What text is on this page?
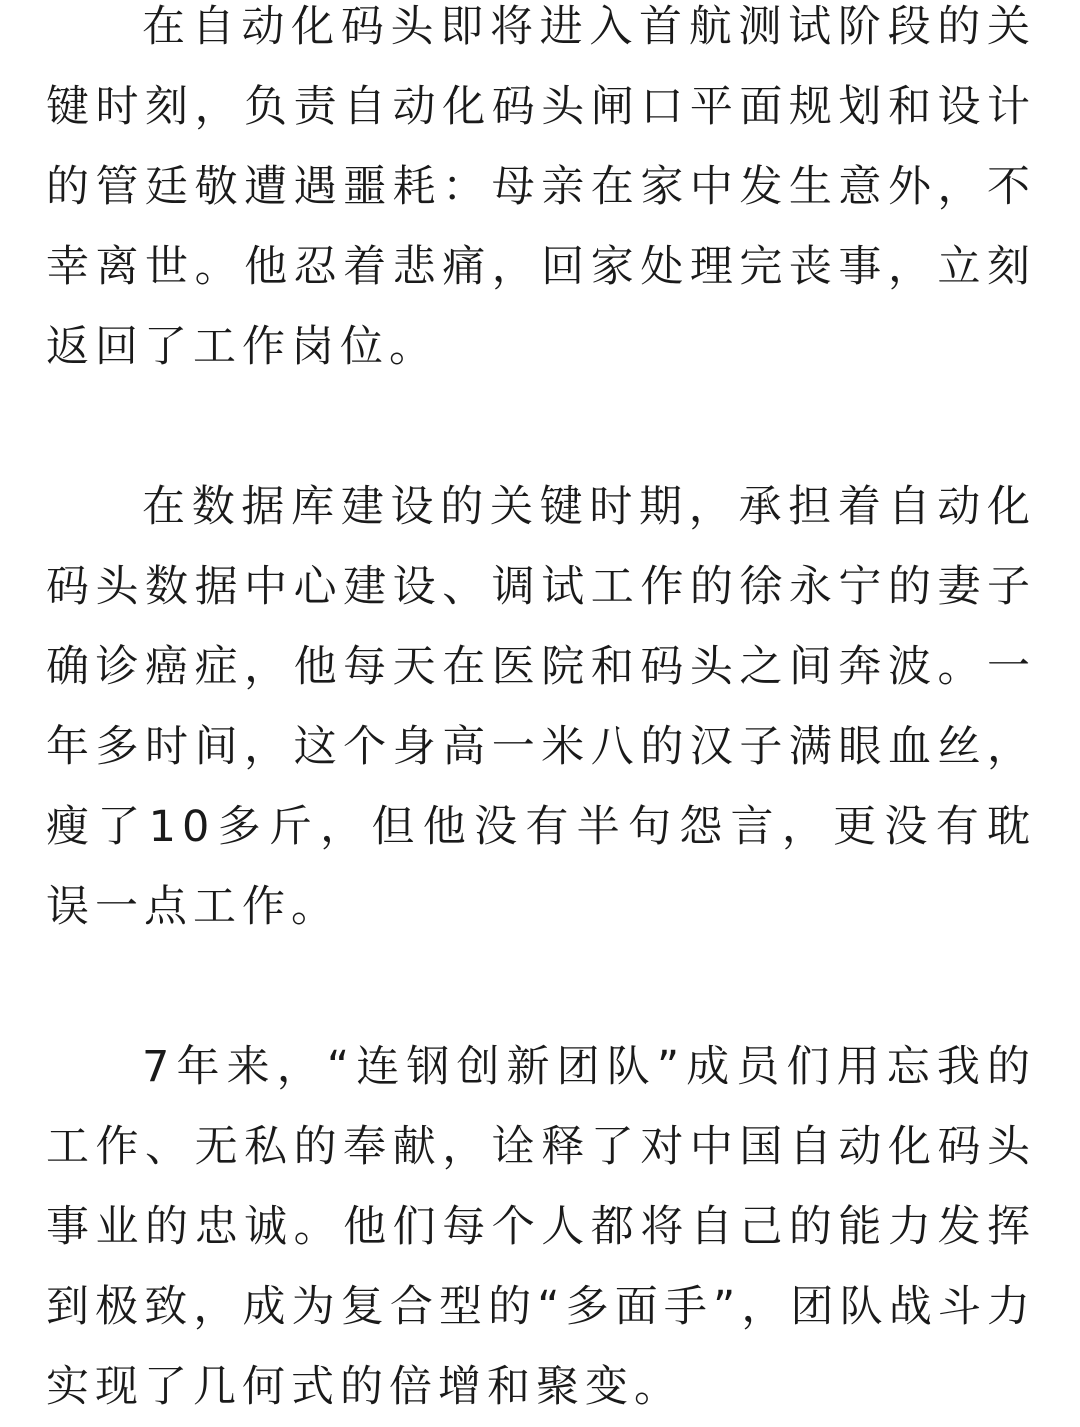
在自动化码头即将进入首航测试阶段的关键时刻，负责自动化码头闸口平面规划和设计的管廷敬遭遇噩耗：母亲在家中发生意外，不幸离世。他忍着悲痛，回家处理完丧事，立刻返回了工作岗位。

在数据库建设的关键时期，承担着自动化码头数据中心建设、调试工作的徐永宁的妻子确诊癌症，他每天在医院和码头之间奔波。一年多时间，这个身高一米八的汉子满眼血丝，瘦了10多斤，但他没有半句怨言，更没有耽误一点工作。

7年来，“连钢创新团队”成员们用忘我的工作、无私的奉献，诠释了对中国自动化码头事业的忠诚。他们每个人都将自己的能力发挥到极致，成为复合型的“多面手”，团队战斗力实现了几何式的倍增和聚变。
